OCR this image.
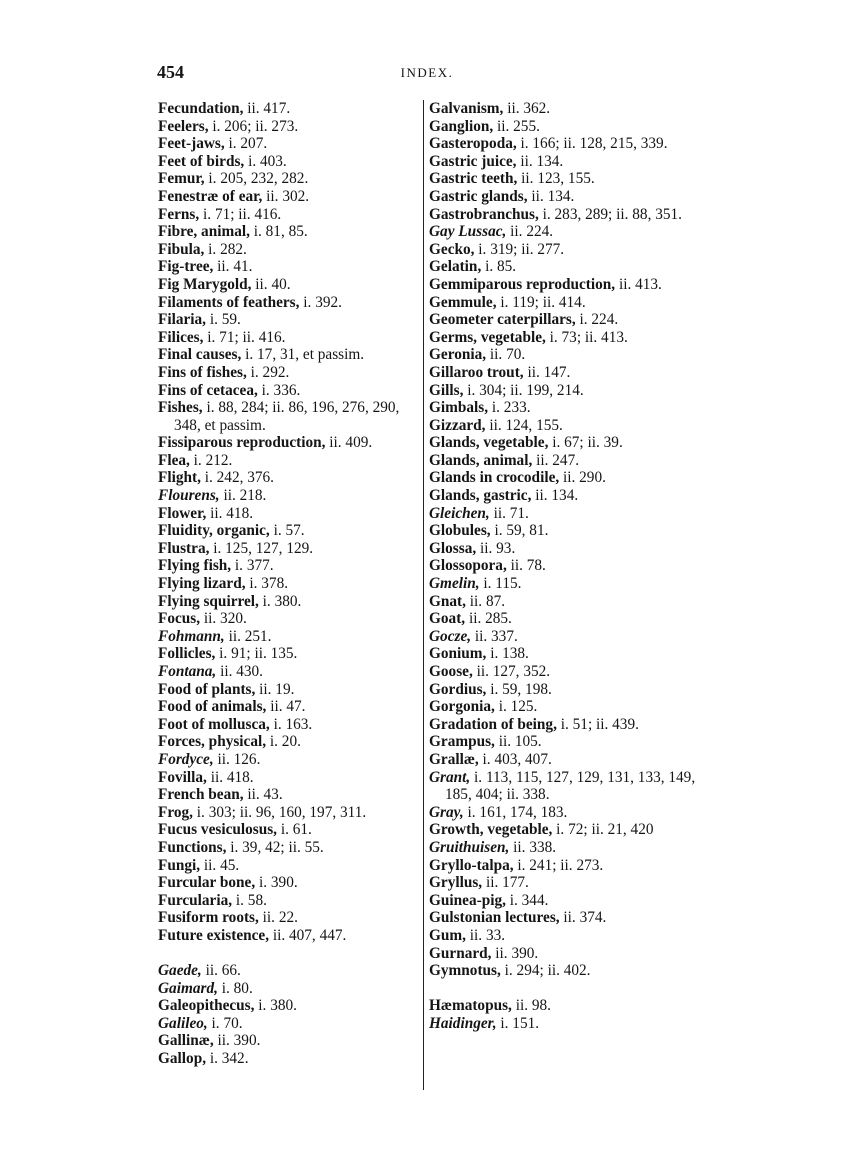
454	INDEX.

Fecundation, ii. 417.

Feelers, i. 206; ii. 273.

Feet-jaws, i. 207.

Feet of birds, i. 403.

Femur, i. 205, 232, 282.

Fenestræ of ear, ii. 302.

Ferns, i. 71; ii. 416.

Fibre, animal, i. 81, 85.

Fibula, i. 282.

Fig-tree, ii. 41.

Fig Marygold, ii. 40.

Filaments of feathers, i. 392.

Filaria, i. 59.

Filices, i. 71; ii. 416.

Final causes, i. 17, 31, et passim.

Fins of fishes, i. 292.

Fins of cetacea, i. 336.

Fishes, i. 88, 284; ii. 86, 196, 276, 290, 348, et passim.

Fissiparous reproduction, ii. 409.

Flea, i. 212.

Flight, i. 242, 376.

Flourens, ii. 218.

Flower, ii. 418.

Fluidity, organic, i. 57.

Flustra, i. 125, 127, 129.

Flying fish, i. 377.

Flying lizard, i. 378.

Flying squirrel, i. 380.

Focus, ii. 320.

Fohmann, ii. 251.

Follicles, i. 91; ii. 135.

Fontana, ii. 430.

Food of plants, ii. 19.

Food of animals, ii. 47.

Foot of mollusca, i. 163.

Forces, physical, i. 20.

Fordyce, ii. 126.

Fovilla, ii. 418.

French bean, ii. 43.

Frog, i. 303; ii. 96, 160, 197, 311.

Fucus vesiculosus, i. 61.

Functions, i. 39, 42; ii. 55.

Fungi, ii. 45.

Furcular bone, i. 390.

Furcularia, i. 58.

Fusiform roots, ii. 22.

Future existence, ii. 407, 447.

Gaede, ii. 66.

Gaimard, i. 80.

Galeopithecus, i. 380.

Galileo, i. 70.

Gallinæ, ii. 390.

Gallop, i. 342.

Galvanism, ii. 362.

Ganglion, ii. 255.

Gasteropoda, i. 166; ii. 128, 215, 339.

Gastric juice, ii. 134.

Gastric teeth, ii. 123, 155.

Gastric glands, ii. 134.

Gastrobranchus, i. 283, 289; ii. 88, 351.

Gay Lussac, ii. 224.

Gecko, i. 319; ii. 277.

Gelatin, i. 85.

Gemmiparous reproduction, ii. 413.

Gemmule, i. 119; ii. 414.

Geometer caterpillars, i. 224.

Germs, vegetable, i. 73; ii. 413.

Geronia, ii. 70.

Gillaroo trout, ii. 147.

Gills, i. 304; ii. 199, 214.

Gimbals, i. 233.

Gizzard, ii. 124, 155.

Glands, vegetable, i. 67; ii. 39.

Glands, animal, ii. 247.

Glands in crocodile, ii. 290.

Glands, gastric, ii. 134.

Gleichen, ii. 71.

Globules, i. 59, 81.

Glossa, ii. 93.

Glossopora, ii. 78.

Gmelin, i. 115.

Gnat, ii. 87.

Goat, ii. 285.

Gocze, ii. 337.

Gonium, i. 138.

Goose, ii. 127, 352.

Gordius, i. 59, 198.

Gorgonia, i. 125.

Gradation of being, i. 51; ii. 439.

Grampus, ii. 105.

Grallæ, i. 403, 407.

Grant, i. 113, 115, 127, 129, 131, 133, 149, 185, 404; ii. 338.

Gray, i. 161, 174, 183.

Growth, vegetable, i. 72; ii. 21, 420

Gruithuisen, ii. 338.

Gryllo-talpa, i. 241; ii. 273.

Gryllus, ii. 177.

Guinea-pig, i. 344.

Gulstonian lectures, ii. 374.

Gum, ii. 33.

Gurnard, ii. 390.

Gymnotus, i. 294; ii. 402.

Hæmatopus, ii. 98.

Haidinger, i. 151.
